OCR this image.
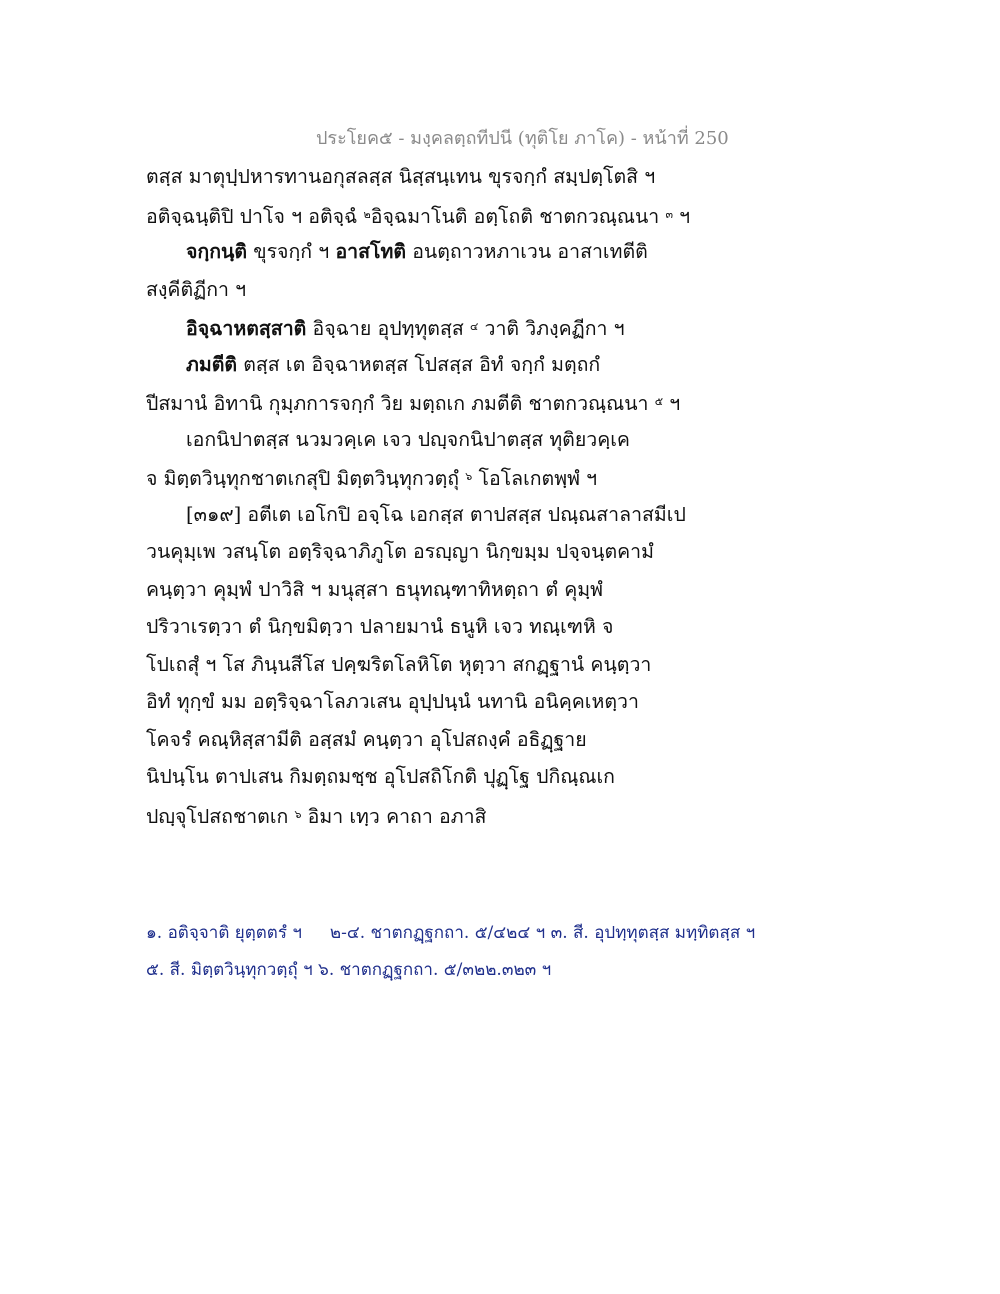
ประโยค๕ - มงฺคลตฺถทีปนี (ทุติโย ภาโค) - หน้าที่ 250
ตสฺส มาตุปฺปหารทานอกุสลสฺส นิสฺสนฺเทน ขุรจกฺกํ สมฺปตฺโตสิ ฯ
อติจฺฉนฺติปิ ปาโจ ฯ อติจฺฉํ $^๒$อิจฺฉมาโนติ อตฺโถติ ชาตกวณฺณนา $^๓$ ฯ
จกฺกนฺติ ขุรจกฺกํ ฯ อาสโทติ อนตฺถาวหภาเวน อาสาเทตีติ
สงฺคีติฏีกา ฯ
อิจฺฉาหตสฺสาติ อิจฺฉาย อุปทฺทุตสฺส $^๔$ วาติ วิภงฺคฏีกา ฯ
ภมตีติ ตสฺส เต อิจฺฉาหตสฺส โปสสฺส อิทํ จกฺกํ มตฺถกํ
ปีสมานํ อิทานิ กุมฺภการจกฺกํ วิย มตฺถเก ภมตีติ ชาตกวณฺณนา $^๕$ ฯ
เอกนิปาตสฺส นวมวคฺเค เจว ปญฺจกนิปาตสฺส ทุติยวคฺเค
จ มิตฺตวินฺทุกชาตเกสุปิ มิตฺตวินฺทุกวตฺถุํ $^๖$ โอโลเกตพฺพํ ฯ
[๓๑๙] อตีเต เอโกปิ อจฺโฉ เอกสฺส ตาปสสฺส ปณฺณสาลาสมีเป
วนคุมฺเพ วสนฺโต อตฺริจฺฉาภิภูโต อรญฺญา นิกฺขมฺม ปจฺจนฺตคามํ
คนฺตฺวา คุมฺพํ ปาวิสิ ฯ มนุสฺสา ธนุทณฺฑาทิหตฺถา ตํ คุมฺพํ
ปริวาเรตฺวา ตํ นิกฺขมิตฺวา ปลายมานํ ธนูหิ เจว ทณฺเฑหิ จ
โปเถสุํ ฯ โส ภินฺนสีโส ปคฺฆริตโลหิโต หุตฺวา สกฏฺฐานํ คนฺตฺวา
อิทํ ทุกฺขํ มม อตฺริจฺฉาโลภวเสน อุปฺปนฺนํ นทานิ อนิคฺคเหตฺวา
โคจรํ คณฺหิสฺสามีติ อสฺสมํ คนฺตฺวา อุโปสถงฺคํ อธิฏฺฐาย
นิปนฺโน ตาปเสน กิมตฺถมชฺช อุโปสถิโกติ ปุฏฺโฐ ปกิณฺณเก
ปญฺจุโปสถชาตเก $^๖$ อิมา เทฺว คาถา อภาสิ
๑. อติจฺจาติ ยุตฺตตรํ ฯ ๒-๔. ชาตกฏฺฐกถา. ๕/๔๒๔ ฯ ๓. สี. อุปทฺทุตสฺส มทฺทิตสฺส ฯ
๕. สี. มิตฺตวินฺทุกวตฺถุํ ฯ ๖. ชาตกฏฺฐกถา. ๕/๓๒๒.๓๒๓ ฯ
